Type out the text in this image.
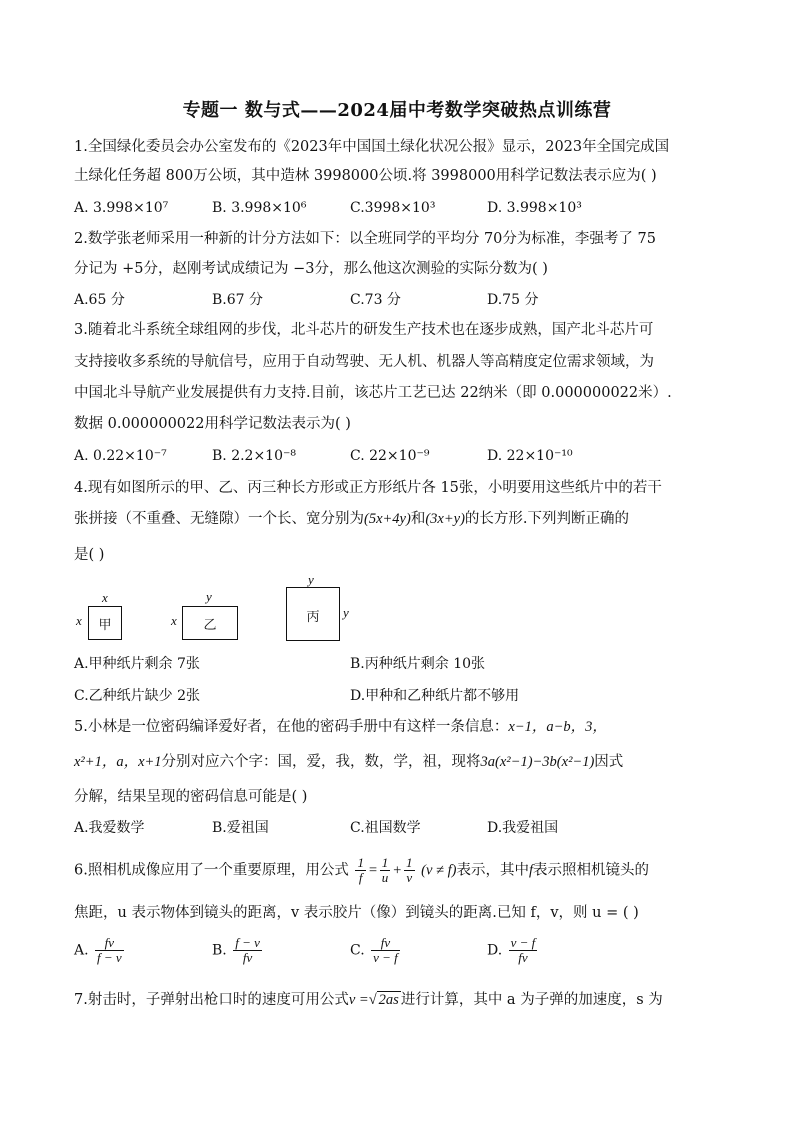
专题一 数与式——2024届中考数学突破热点训练营
1.全国绿化委员会办公室发布的《2023年中国国土绿化状况公报》显示，2023年全国完成国
土绿化任务超 800万公顷，其中造林 3998000公顷.将 3998000用科学记数法表示应为( )
A. 3.998×10⁷	B. 3.998×10⁶	C.3998×10³	D. 3.998×10³
2.数学张老师采用一种新的计分方法如下：以全班同学的平均分 70分为标准，李强考了 75
分记为 +5分，赵刚考试成绩记为 −3分，那么他这次测验的实际分数为( )
A.65 分	B.67 分	C.73 分	D.75 分
3.随着北斗系统全球组网的步伐，北斗芯片的研发生产技术也在逐步成熟，国产北斗芯片可
支持接收多系统的导航信号，应用于自动驾驶、无人机、机器人等高精度定位需求领域，为
中国北斗导航产业发展提供有力支持.目前，该芯片工艺已达 22纳米（即 0.000000022米）.
数据 0.000000022用科学记数法表示为( )
A. 0.22×10⁻⁷	B. 2.2×10⁻⁸	C. 22×10⁻⁹	D. 22×10⁻¹⁰
4.现有如图所示的甲、乙、丙三种长方形或正方形纸片各 15张，小明要用这些纸片中的若干
张拼接（不重叠、无缝隙）一个长、宽分别为(5x+4y)和(3x+y)的长方形.下列判断正确的
是( )
x
x 甲
y
x 乙
y
y
丙
A.甲种纸片剩余 7张	B.丙种纸片剩余 10张
C.乙种纸片缺少 2张	D.甲种和乙种纸片都不够用
5.小林是一位密码编译爱好者，在他的密码手册中有这样一条信息：x−1，a−b，3，
x²+1，a，x+1分别对应六个字：国，爱，我，数，学，祖，现将3a(x²−1)−3b(x²−1)因式
分解，结果呈现的密码信息可能是( )
A.我爱数学	B.爱祖国	C.祖国数学	D.我爱祖国
6.照相机成像应用了一个重要原理，用公式 $\frac{1}{f} = \frac{1}{u} + \frac{1}{v} (v \ne f)$表示，其中f表示照相机镜头的
焦距，u 表示物体到镜头的距离，v 表示胶片（像）到镜头的距离.已知 f，v，则 u = ( )
A. $\frac{fv}{f - v}$	B. $\frac{f - v}{fv}$	C. $\frac{fv}{v - f}$	D. $\frac{v - f}{fv}$
7.射击时，子弹射出枪口时的速度可用公式v =√ 2as 进行计算，其中 a 为子弹的加速度，s 为
